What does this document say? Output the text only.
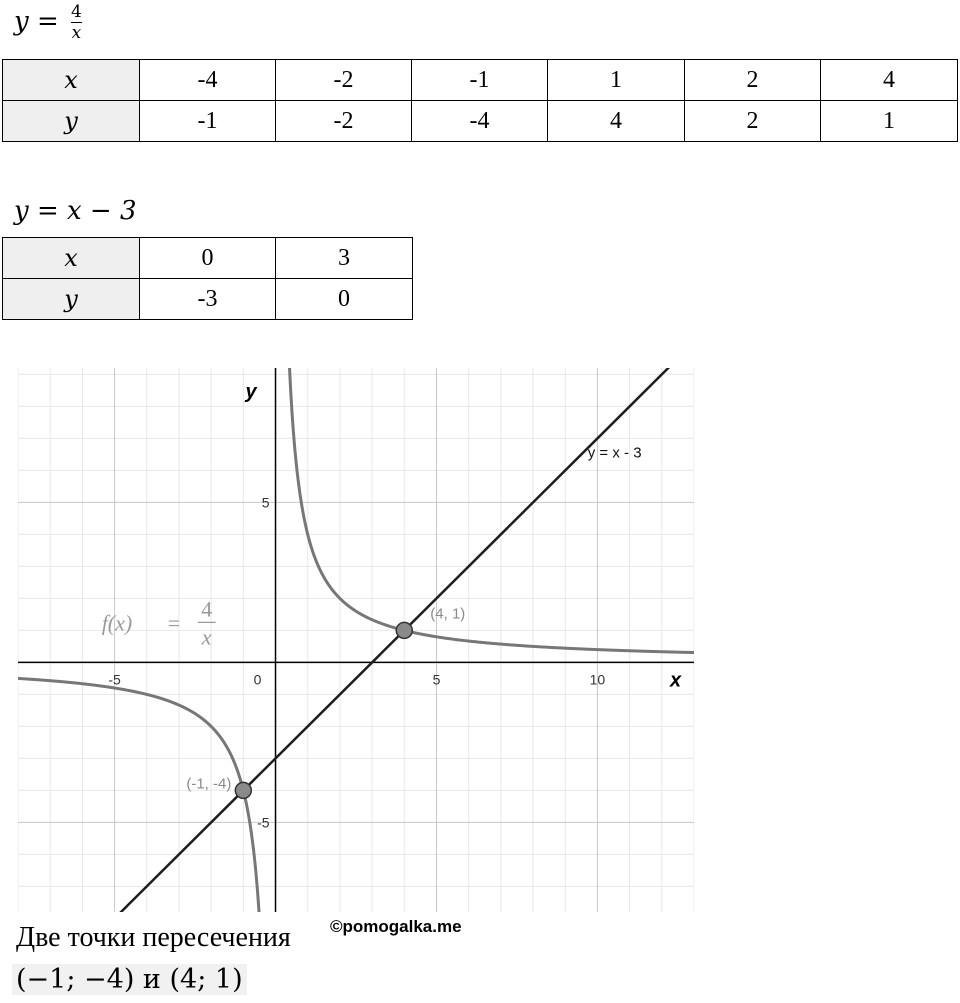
$y = \frac{4}{x}$
x	-4	-2	-1	1	2	4
y	-1	-2	-4	4	2	1
y = x − 3
x	0	3
y	-3	0
-5	0	5	10
5
-5
x
y
y = x - 3
f(x) =
4
x
(4, 1)
(-1, -4)
Две точки пересечения ©pomogalka.me
(−1; −4) и (4; 1)
